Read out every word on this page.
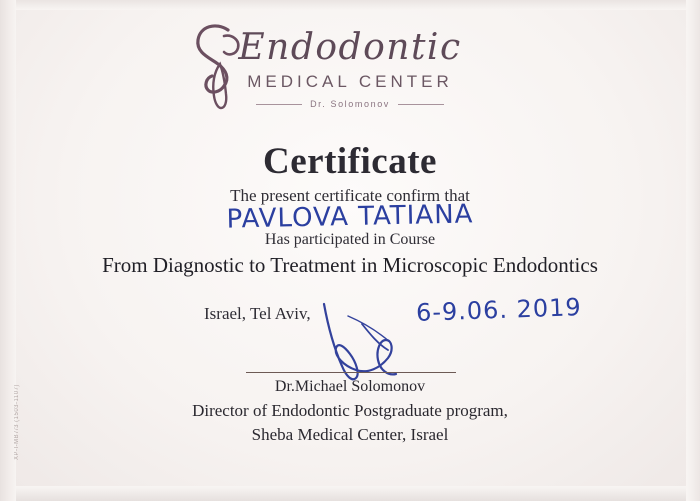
XP-I-MB7/3 (1503-1107)
Endodontic
MEDICAL CENTER
Dr. Solomonov
Certificate
The present certificate confirm that
PAVLOVA TATIANA
Has participated in Course
From Diagnostic to Treatment in Microscopic Endodontics
Israel, Tel Aviv,	6-9.06. 2019
Dr.Michael Solomonov
Director of Endodontic Postgraduate program,
Sheba Medical Center, Israel
